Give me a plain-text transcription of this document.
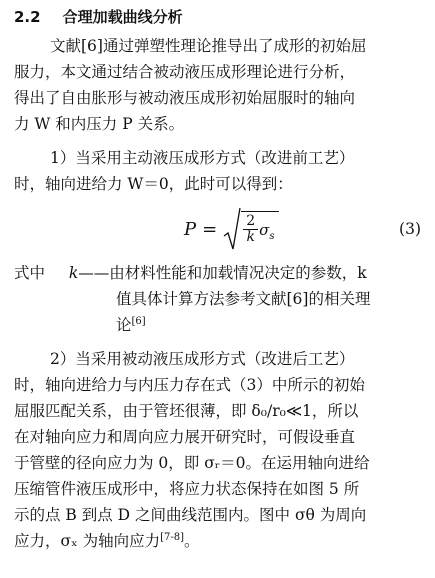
2.2 合理加载曲线分析
文献[6]通过弹塑性理论推导出了成形的初始屈
服力，本文通过结合被动液压成形理论进行分析，
得出了自由胀形与被动液压成形初始屈服时的轴向
力 W 和内压力 P 关系。
1）当采用主动液压成形方式（改进前工艺）
时，轴向进给力 W＝0，此时可以得到：
$P = \frac{2}{k} \sigma_s$	(3)
式中 k——由材料性能和加载情况决定的参数，k
值具体计算方法参考文献[6]的相关理
论[6]
2）当采用被动液压成形方式（改进后工艺）
时，轴向进给力与内压力存在式（3）中所示的初始
屈服匹配关系，由于管坯很薄，即 δ₀/r₀≪1，所以
在对轴向应力和周向应力展开研究时，可假设垂直
于管壁的径向应力为 0，即 σᵣ＝0。在运用轴向进给
压缩管件液压成形中，将应力状态保持在如图 5 所
示的点 B 到点 D 之间曲线范围内。图中 σθ 为周向
应力，σₓ 为轴向应力[7-8]。
